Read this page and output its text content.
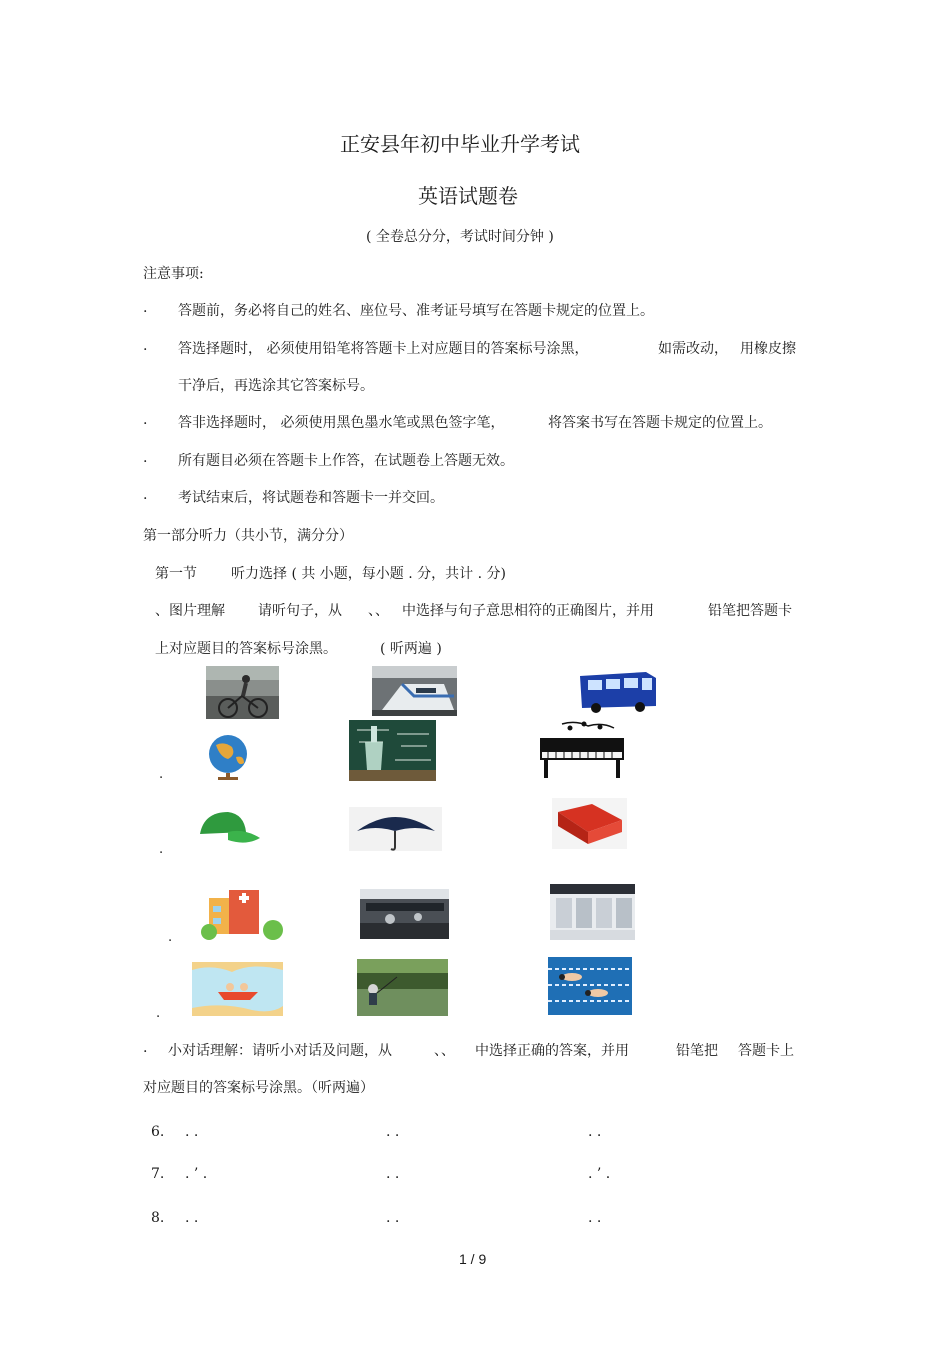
正安县年初中毕业升学考试
英语试题卷
( 全卷总分分，考试时间分钟 )
注意事项:
. 答题前，务必将自己的姓名、座位号、准考证号填写在答题卡规定的位置上。
. 答选择题时， 必须使用铅笔将答题卡上对应题目的答案标号涂黑，	如需改动， 用橡皮擦
干净后，再选涂其它答案标号。
. 答非选择题时， 必须使用黑色墨水笔或黑色签字笔，	将答案书写在答题卡规定的位置上。
. 所有题目必须在答题卡上作答，在试题卷上答题无效。
. 考试结束后，将试题卷和答题卡一并交回。
第一部分听力（共小节，满分分）
第一节 听力选择 ( 共 小题，每小题 . 分，共计 . 分)
、图片理解 请听句子，从 、、 中选择与句子意思相符的正确图片，并用	铅笔把答题卡
上对应题目的答案标号涂黑。	( 听两遍 )
.
.
.
.
. 小对话理解：请听小对话及问题，从	、、 中选择正确的答案，并用	铅笔把 答题卡上
对应题目的答案标号涂黑。（听两遍）
6. . .	. .	. .
7. . ’ .	. .	. ’ .
8. . .	. .	. .
1 / 9
